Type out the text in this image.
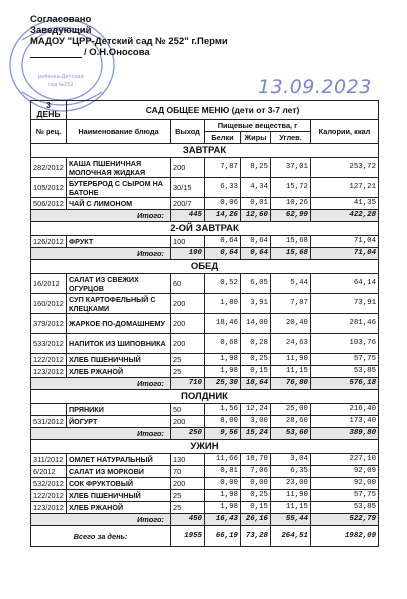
ребенка-Детский
сад №252
Согласовано
Заведующий
МАДОУ "ЦРР-Детский сад № 252" г.Перми
/ О.Н.Оносова
13.09.2023
3 ДЕНЬ	САД ОБЩЕЕ МЕНЮ (дети от 3-7 лет)					
№ рец.	Наименование блюда	Выход	Пищевые вещества, г			Калории, ккал
			Белки	Жиры	Углев.	
ЗАВТРАК						
282/2012	КАША ПШЕНИЧНАЯ МОЛОЧНАЯ ЖИДКАЯ	200	7,87	8,25	37,01	253,72
105/2012	БУТЕРБРОД С СЫРОМ НА БАТОНЕ	30/15	6,33	4,34	15,72	127,21
506/2012	ЧАЙ С ЛИМОНОМ	200/7	0,06	0,01	10,26	41,35
Итого:		445	14,26	12,60	62,99	422,28
2-ОЙ ЗАВТРАК						
126/2012	ФРУКТ	100	0,64	0,64	15,68	71,04
Итого:		100	0,64	0,64	15,68	71,04
ОБЕД						
16/2012	САЛАТ ИЗ СВЕЖИХ ОГУРЦОВ	60	0,52	6,05	5,44	64,14
160/2012	СУП КАРТОФЕЛЬНЫЙ С КЛЕЦКАМИ	200	1,80	3,91	7,87	73,91
379/2012	ЖАРКОЕ ПО-ДОМАШНЕМУ	200	18,46	14,00	20,40	281,46
533/2012	НАПИТОК ИЗ ШИПОВНИКА	200	0,68	0,28	24,63	103,76
122/2012	ХЛЕБ ПШЕНИЧНЫЙ	25	1,98	0,25	11,90	57,75
123/2012	ХЛЕБ РЖАНОЙ	25	1,98	0,15	11,15	53,85
Итого:		710	25,30	18,64	76,80	576,18
ПОЛДНИК						
	ПРЯНИКИ	50	1,56	12,24	25,00	216,40
531/2012	ЙОГУРТ	200	8,00	3,00	28,60	173,40
Итого:		250	9,56	15,24	53,60	389,80
УЖИН						
311/2012	ОМЛЕТ НАТУРАЛЬНЫЙ	130	11,66	18,70	3,04	227,10
6/2012	САЛАТ ИЗ МОРКОВИ	70	0,81	7,06	6,35	92,09
532/2012	СОК ФРУКТОВЫЙ	200	0,00	0,00	23,00	92,00
122/2012	ХЛЕБ ПШЕНИЧНЫЙ	25	1,98	0,25	11,90	57,75
123/2012	ХЛЕБ РЖАНОЙ	25	1,98	0,15	11,15	53,85
Итого:		450	16,43	26,16	55,44	522,79
Всего за день:		1955	66,19	73,28	264,51	1982,09
